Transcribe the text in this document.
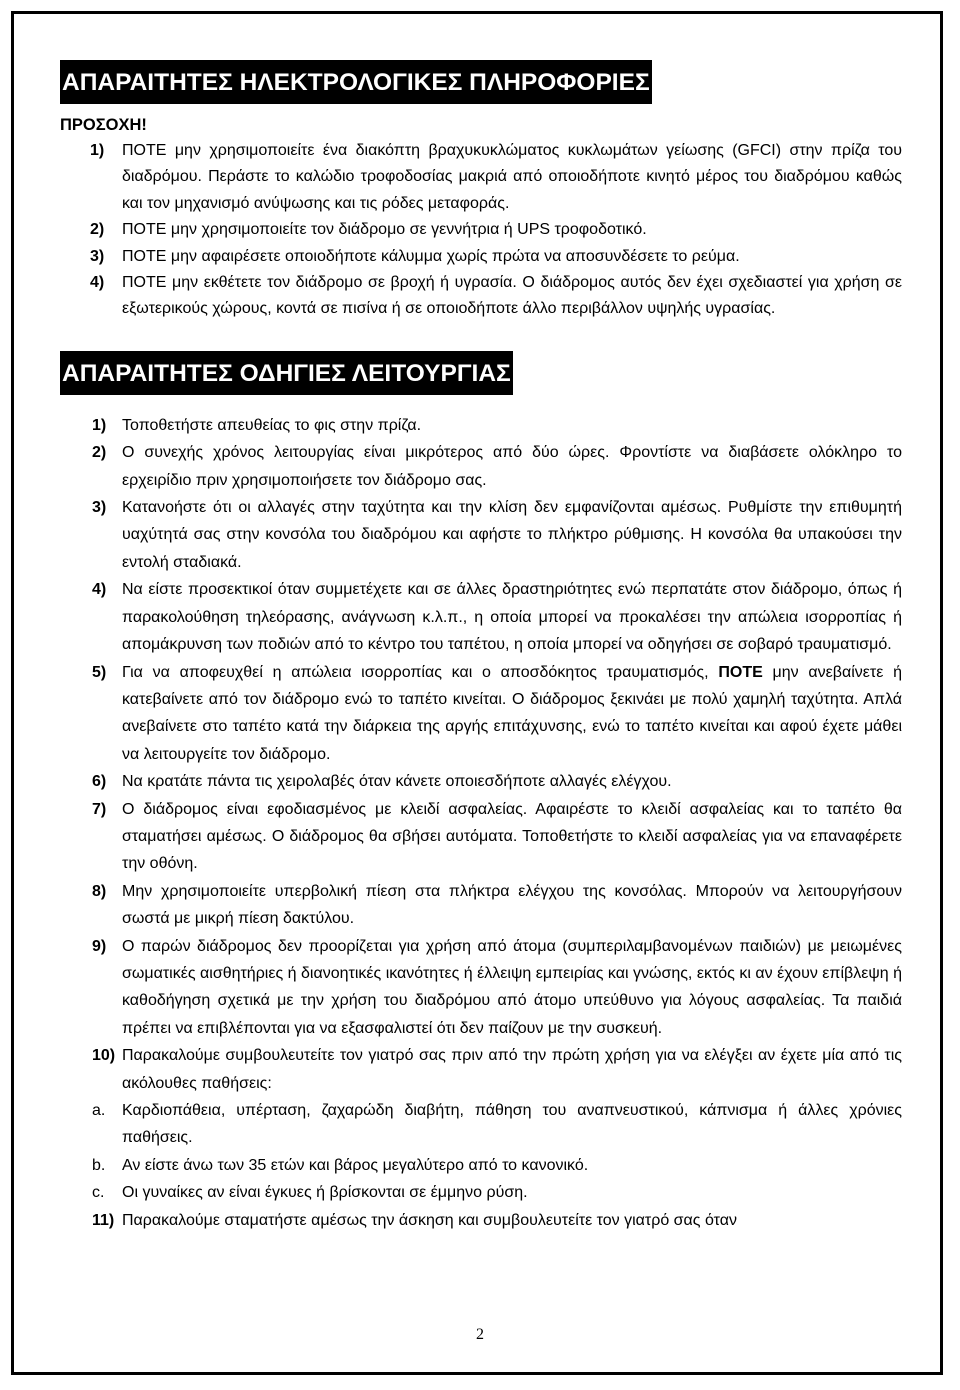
ΑΠΑΡΑΙΤΗΤΕΣ ΗΛΕΚΤΡΟΛΟΓΙΚΕΣ ΠΛΗΡΟΦΟΡΙΕΣ
ΠΡΟΣΟΧΗ!
1) ΠΟΤΕ μην χρησιμοποιείτε ένα διακόπτη βραχυκυκλώματος κυκλωμάτων γείωσης (GFCI) στην πρίζα του διαδρόμου. Περάστε το καλώδιο τροφοδοσίας μακριά από οποιοδήποτε κινητό μέρος του διαδρόμου καθώς και τον μηχανισμό ανύψωσης και τις ρόδες μεταφοράς.
2) ΠΟΤΕ μην χρησιμοποιείτε τον διάδρομο σε γεννήτρια ή UPS τροφοδοτικό.
3) ΠΟΤΕ μην αφαιρέσετε οποιοδήποτε κάλυμμα χωρίς πρώτα να αποσυνδέσετε το ρεύμα.
4) ΠΟΤΕ μην εκθέτετε τον διάδρομο σε βροχή ή υγρασία. Ο διάδρομος αυτός δεν έχει σχεδιαστεί για χρήση σε εξωτερικούς χώρους, κοντά σε πισίνα ή σε οποιοδήποτε άλλο περιβάλλον υψηλής υγρασίας.
ΑΠΑΡΑΙΤΗΤΕΣ ΟΔΗΓΙΕΣ ΛΕΙΤΟΥΡΓΙΑΣ
1) Τοποθετήστε απευθείας το φις στην πρίζα.
2) Ο συνεχής χρόνος λειτουργίας είναι μικρότερος από δύο ώρες. Φροντίστε να διαβάσετε ολόκληρο το ερχειρίδιο πριν χρησιμοποιήσετε τον διάδρομο σας.
3) Κατανοήστε ότι οι αλλαγές στην ταχύτητα και την κλίση δεν εμφανίζονται αμέσως. Ρυθμίστε την επιθυμητή υαχύτητά σας στην κονσόλα του διαδρόμου και αφήστε το πλήκτρο ρύθμισης. Η κονσόλα θα υπακούσει την εντολή σταδιακά.
4) Να είστε προσεκτικοί όταν συμμετέχετε και σε άλλες δραστηριότητες ενώ περπατάτε στον διάδρομο, όπως ή παρακολούθηση τηλεόρασης, ανάγνωση κ.λ.π., η οποία μπορεί να προκαλέσει την απώλεια ισορροπίας ή απομάκρυνση των ποδιών από το κέντρο του ταπέτου, η οποία μπορεί να οδηγήσει σε σοβαρό τραυματισμό.
5) Για να αποφευχθεί η απώλεια ισορροπίας και ο αποσδόκητος τραυματισμός, ΠΟΤΕ μην ανεβαίνετε ή κατεβαίνετε από τον διάδρομο ενώ το ταπέτο κινείται. Ο διάδρομος ξεκινάει με πολύ χαμηλή ταχύτητα. Απλά ανεβαίνετε στο ταπέτο κατά την διάρκεια της αργής επιτάχυνσης, ενώ το ταπέτο κινείται και αφού έχετε μάθει να λειτουργείτε τον διάδρομο.
6) Να κρατάτε πάντα τις χειρολαβές όταν κάνετε οποιεσδήποτε αλλαγές ελέγχου.
7) Ο διάδρομος είναι εφοδιασμένος με κλειδί ασφαλείας. Αφαιρέστε το κλειδί ασφαλείας και το ταπέτο θα σταματήσει αμέσως. Ο διάδρομος θα σβήσει αυτόματα. Τοποθετήστε το κλειδί ασφαλείας για να επαναφέρετε την οθόνη.
8) Μην χρησιμοποιείτε υπερβολική πίεση στα πλήκτρα ελέγχου της κονσόλας. Μπορούν να λειτουργήσουν σωστά με μικρή πίεση δακτύλου.
9) Ο παρών διάδρομος δεν προορίζεται για χρήση από άτομα (συμπεριλαμβανομένων παιδιών) με μειωμένες σωματικές αισθητήριες ή διανοητικές ικανότητες ή έλλειψη εμπειρίας και γνώσης, εκτός κι αν έχουν επίβλεψη ή καθοδήγηση σχετικά με την χρήση του διαδρόμου από άτομο υπεύθυνο για λόγους ασφαλείας. Τα παιδιά πρέπει να επιβλέπονται για να εξασφαλιστεί ότι δεν παίζουν με την συσκευή.
10) Παρακαλούμε συμβουλευτείτε τον γιατρό σας πριν από την πρώτη χρήση για να ελέγξει αν έχετε μία από τις ακόλουθες παθήσεις:
a. Καρδιοπάθεια, υπέρταση, ζαχαρώδη διαβήτη, πάθηση του αναπνευστικού, κάπνισμα ή άλλες χρόνιες παθήσεις.
b. Αν είστε άνω των 35 ετών και βάρος μεγαλύτερο από το κανονικό.
c. Οι γυναίκες αν είναι έγκυες ή βρίσκονται σε έμμηνο ρύση.
11) Παρακαλούμε σταματήστε αμέσως την άσκηση και συμβουλευτείτε τον γιατρό σας όταν
2
